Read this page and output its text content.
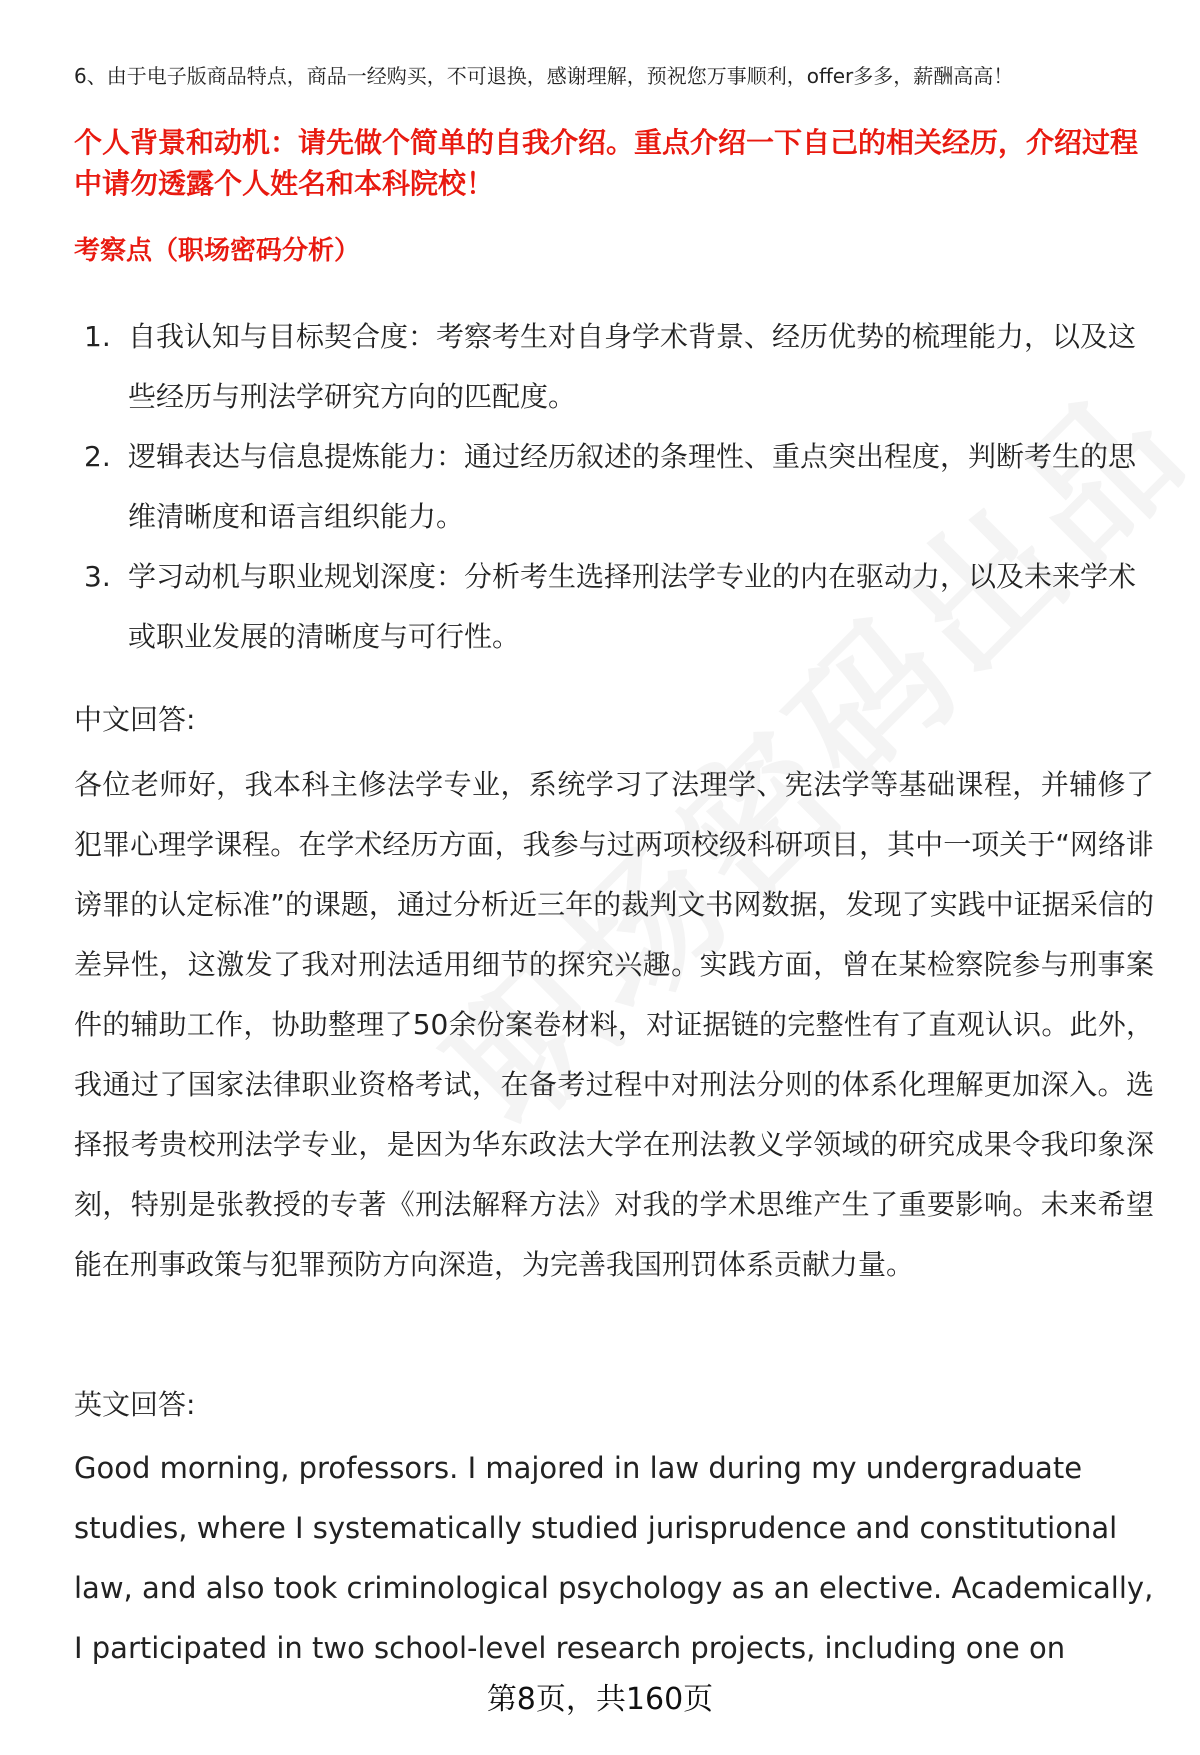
6、由于电子版商品特点，商品一经购买，不可退换，感谢理解，预祝您万事顺利，offer多多，薪酬高高！
个人背景和动机：请先做个简单的自我介绍。重点介绍一下自己的相关经历，介绍过程中请勿透露个人姓名和本科院校！
考察点（职场密码分析）
1. 自我认知与目标契合度：考察考生对自身学术背景、经历优势的梳理能力，以及这些经历与刑法学研究方向的匹配度。
2. 逻辑表达与信息提炼能力：通过经历叙述的条理性、重点突出程度，判断考生的思维清晰度和语言组织能力。
3. 学习动机与职业规划深度：分析考生选择刑法学专业的内在驱动力，以及未来学术或职业发展的清晰度与可行性。
中文回答:
各位老师好，我本科主修法学专业，系统学习了法理学、宪法学等基础课程，并辅修了犯罪心理学课程。在学术经历方面，我参与过两项校级科研项目，其中一项关于“网络诽谤罪的认定标准”的课题，通过分析近三年的裁判文书网数据，发现了实践中证据采信的差异性，这激发了我对刑法适用细节的探究兴趣。实践方面，曾在某检察院参与刑事案件的辅助工作，协助整理了50余份案卷材料，对证据链的完整性有了直观认识。此外，我通过了国家法律职业资格考试，在备考过程中对刑法分则的体系化理解更加深入。选择报考贵校刑法学专业，是因为华东政法大学在刑法教义学领域的研究成果令我印象深刻，特别是张教授的专著《刑法解释方法》对我的学术思维产生了重要影响。未来希望能在刑事政策与犯罪预防方向深造，为完善我国刑罚体系贡献力量。
英文回答:
Good morning, professors. I majored in law during my undergraduate studies, where I systematically studied jurisprudence and constitutional law, and also took criminological psychology as an elective. Academically, I participated in two school-level research projects, including one on
第8页，共160页
